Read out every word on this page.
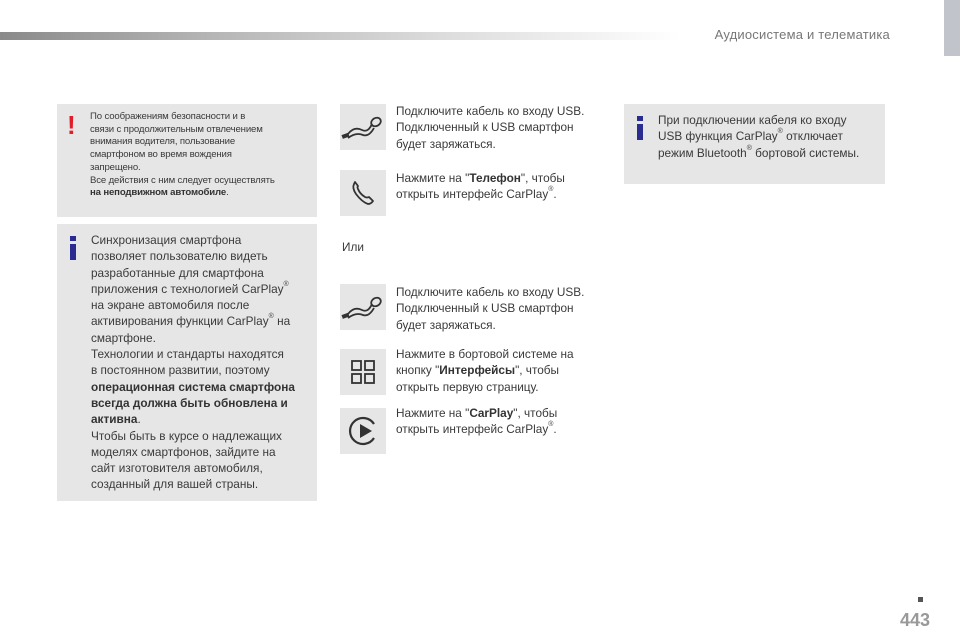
Аудиосистема и телематика
! По соображениям безопасности и в
связи с продолжительным отвлечением
внимания водителя, пользование
смартфоном во время вождения
запрещено.
Все действия с ним следует осуществлять
на неподвижном автомобиле.
Синхронизация смартфона
позволяет пользователю видеть
разработанные для смартфона
приложения с технологией CarPlay®
на экране автомобиля после
активирования функции CarPlay® на
смартфоне.
Технологии и стандарты находятся
в постоянном развитии, поэтому
операционная система смартфона
всегда должна быть обновлена и
активна.
Чтобы быть в курсе о надлежащих
моделях смартфонов, зайдите на
сайт изготовителя автомобиля,
созданный для вашей страны.
Подключите кабель ко входу USB.
Подключенный к USB смартфон
будет заряжаться.
Нажмите на "Телефон", чтобы
открыть интерфейс CarPlay®.
Или
Подключите кабель ко входу USB.
Подключенный к USB смартфон
будет заряжаться.
Нажмите в бортовой системе на
кнопку "Интерфейсы", чтобы
открыть первую страницу.
Нажмите на "CarPlay", чтобы
открыть интерфейс CarPlay®.
При подключении кабеля ко входу
USB функция CarPlay® отключает
режим Bluetooth® бортовой системы.
443
